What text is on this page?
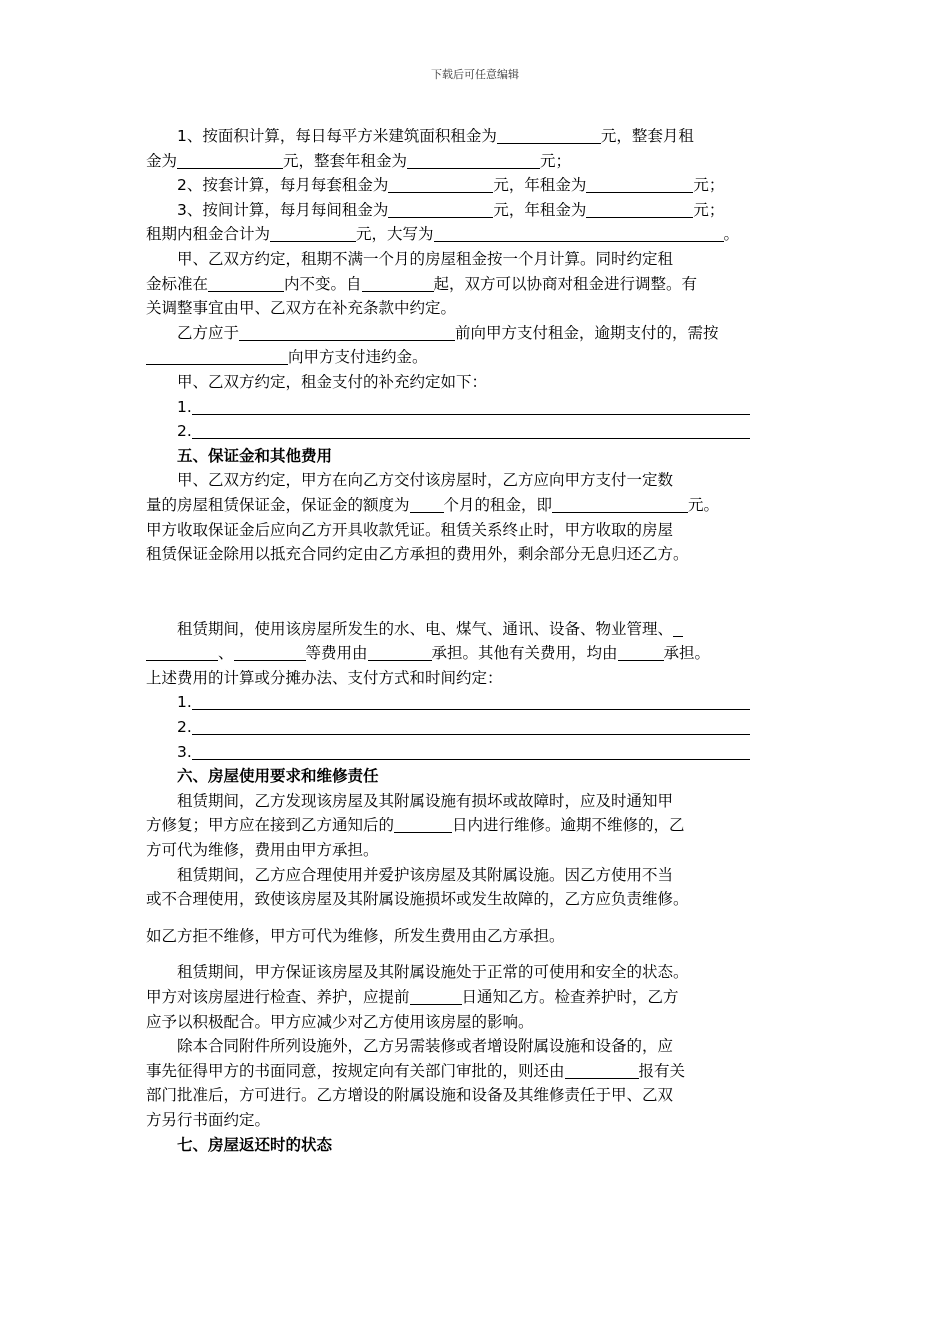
下载后可任意编辑
1、按面积计算，每日每平方米建筑面积租金为	元，整套月租
金为	元，整套年租金为	元；
2、按套计算，每月每套租金为	元，年租金为	元；
3、按间计算，每月每间租金为	元，年租金为	元；
租期内租金合计为	元，大写为	。
甲、乙双方约定，租期不满一个月的房屋租金按一个月计算。同时约定租
金标准在	内不变。自	起，双方可以协商对租金进行调整。有
关调整事宜由甲、乙双方在补充条款中约定。
乙方应于	前向甲方支付租金，逾期支付的，需按
向甲方支付违约金。
甲、乙双方约定，租金支付的补充约定如下：
1.
2.
五、保证金和其他费用
甲、乙双方约定，甲方在向乙方交付该房屋时，乙方应向甲方支付一定数
量的房屋租赁保证金，保证金的额度为 个月的租金，即	元。
甲方收取保证金后应向乙方开具收款凭证。租赁关系终止时，甲方收取的房屋
租赁保证金除用以抵充合同约定由乙方承担的费用外，剩余部分无息归还乙方。
租赁期间，使用该房屋所发生的水、电、煤气、通讯、设备、物业管理、
、	等费用由	承担。其他有关费用，均由	承担。
上述费用的计算或分摊办法、支付方式和时间约定：
1.
2.
3.
六、房屋使用要求和维修责任
租赁期间，乙方发现该房屋及其附属设施有损坏或故障时，应及时通知甲
方修复；甲方应在接到乙方通知后的	日内进行维修。逾期不维修的，乙
方可代为维修，费用由甲方承担。
租赁期间，乙方应合理使用并爱护该房屋及其附属设施。因乙方使用不当
或不合理使用，致使该房屋及其附属设施损坏或发生故障的，乙方应负责维修。
如乙方拒不维修，甲方可代为维修，所发生费用由乙方承担。
租赁期间，甲方保证该房屋及其附属设施处于正常的可使用和安全的状态。
甲方对该房屋进行检查、养护，应提前	日通知乙方。检查养护时，乙方
应予以积极配合。甲方应减少对乙方使用该房屋的影响。
除本合同附件所列设施外，乙方另需装修或者增设附属设施和设备的，应
事先征得甲方的书面同意，按规定向有关部门审批的，则还由	报有关
部门批准后，方可进行。乙方增设的附属设施和设备及其维修责任于甲、乙双
方另行书面约定。
七、房屋返还时的状态
